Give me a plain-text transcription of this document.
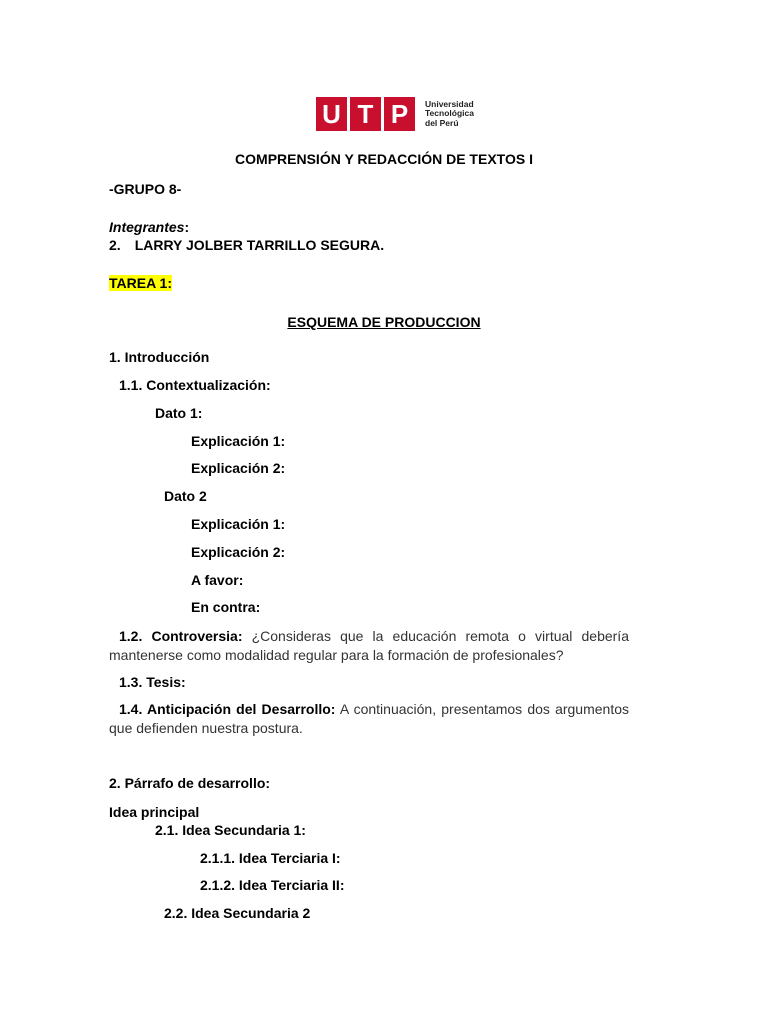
U T P	Universidad
Tecnológica
del Perú
COMPRENSIÓN Y REDACCIÓN DE TEXTOS I
-GRUPO 8-
Integrantes:
2. LARRY JOLBER TARRILLO SEGURA.
TAREA 1:
ESQUEMA DE PRODUCCION
1. Introducción
1.1. Contextualización:
Dato 1:
Explicación 1:
Explicación 2:
Dato 2
Explicación 1:
Explicación 2:
A favor:
En contra:
1.2. Controversia: ¿Consideras que la educación remota o virtual debería mantenerse como modalidad regular para la formación de profesionales?
1.3. Tesis:
1.4. Anticipación del Desarrollo: A continuación, presentamos dos argumentos que defienden nuestra postura.
2. Párrafo de desarrollo:
Idea principal
2.1. Idea Secundaria 1:
2.1.1. Idea Terciaria I:
2.1.2. Idea Terciaria II:
2.2. Idea Secundaria 2
